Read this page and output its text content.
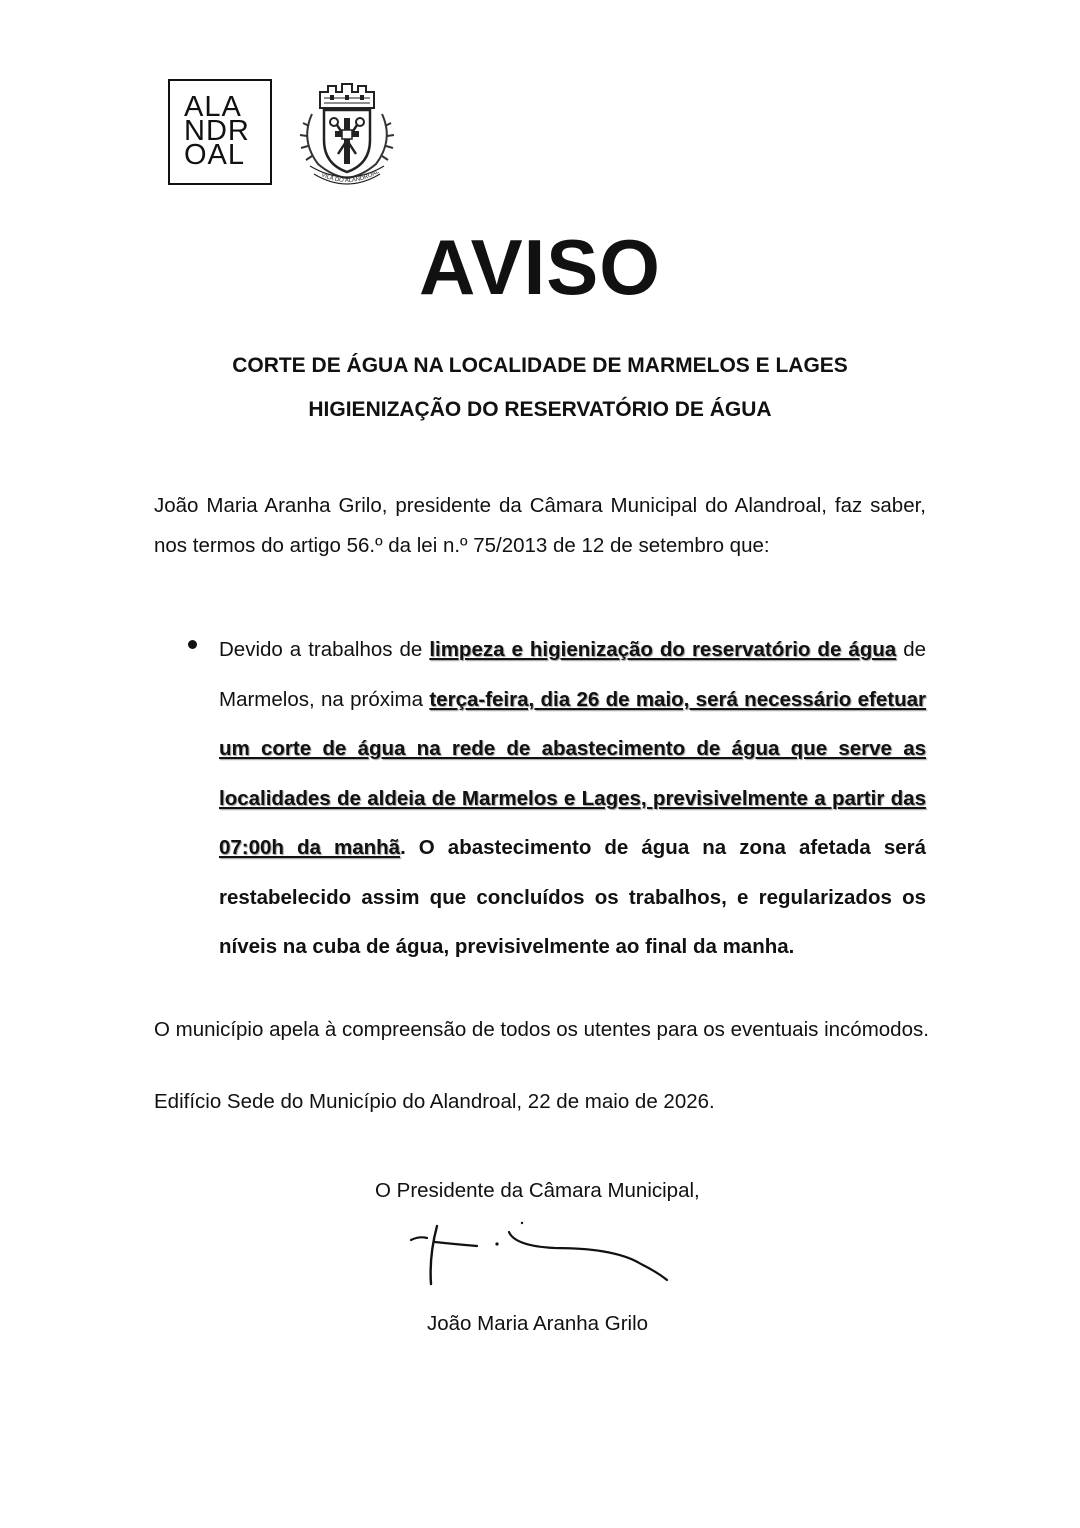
ALA
NDR
OAL
VILA DO ALANDROAL
AVISO
CORTE DE ÁGUA NA LOCALIDADE DE MARMELOS E LAGES
HIGIENIZAÇÃO DO RESERVATÓRIO DE ÁGUA

João Maria Aranha Grilo, presidente da Câmara Municipal do Alandroal, faz saber, nos termos do artigo 56.º da lei n.º 75/2013 de 12 de setembro que:

Devido a trabalhos de limpeza e higienização do reservatório de água de Marmelos, na próxima terça-feira, dia 26 de maio, será necessário efetuar um corte de água na rede de abastecimento de água que serve as localidades de aldeia de Marmelos e Lages, previsivelmente a partir das 07:00h da manhã. O abastecimento de água na zona afetada será restabelecido assim que concluídos os trabalhos, e regularizados os níveis na cuba de água, previsivelmente ao final da manha.

O município apela à compreensão de todos os utentes para os eventuais incómodos.

Edifício Sede do Município do Alandroal, 22 de maio de 2026.

O Presidente da Câmara Municipal,

João Maria Aranha Grilo
